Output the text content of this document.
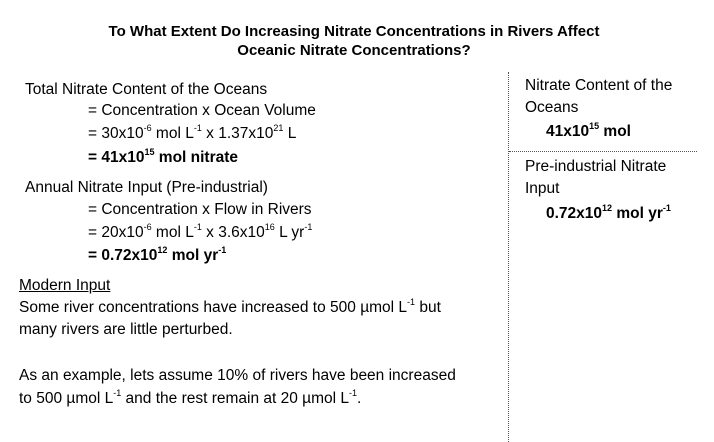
To What Extent Do Increasing Nitrate Concentrations in Rivers Affect
Oceanic Nitrate Concentrations?
Total Nitrate Content of the Oceans
= Concentration x Ocean Volume
= $30x10^{-6}$ mol $L^{-1}$ x $1.37x10^{21}$ L
= $41x10^{15}$ mol nitrate
Annual Nitrate Input (Pre-industrial)
= Concentration x Flow in Rivers
= $20x10^{-6}$ mol $L^{-1}$ x $3.6x10^{16}$ L $yr^{-1}$
= $0.72x10^{12}$ mol $yr^{-1}$
Modern Input
Some river concentrations have increased to 500 µmol $L^{-1}$ but
many rivers are little perturbed.
As an example, lets assume 10% of rivers have been increased
to 500 µmol $L^{-1}$ and the rest remain at 20 µmol $L^{-1}$.
Nitrate Content of the
Oceans
$41x10^{15}$ mol
Pre-industrial Nitrate
Input
$0.72x10^{12}$ mol $yr^{-1}$
